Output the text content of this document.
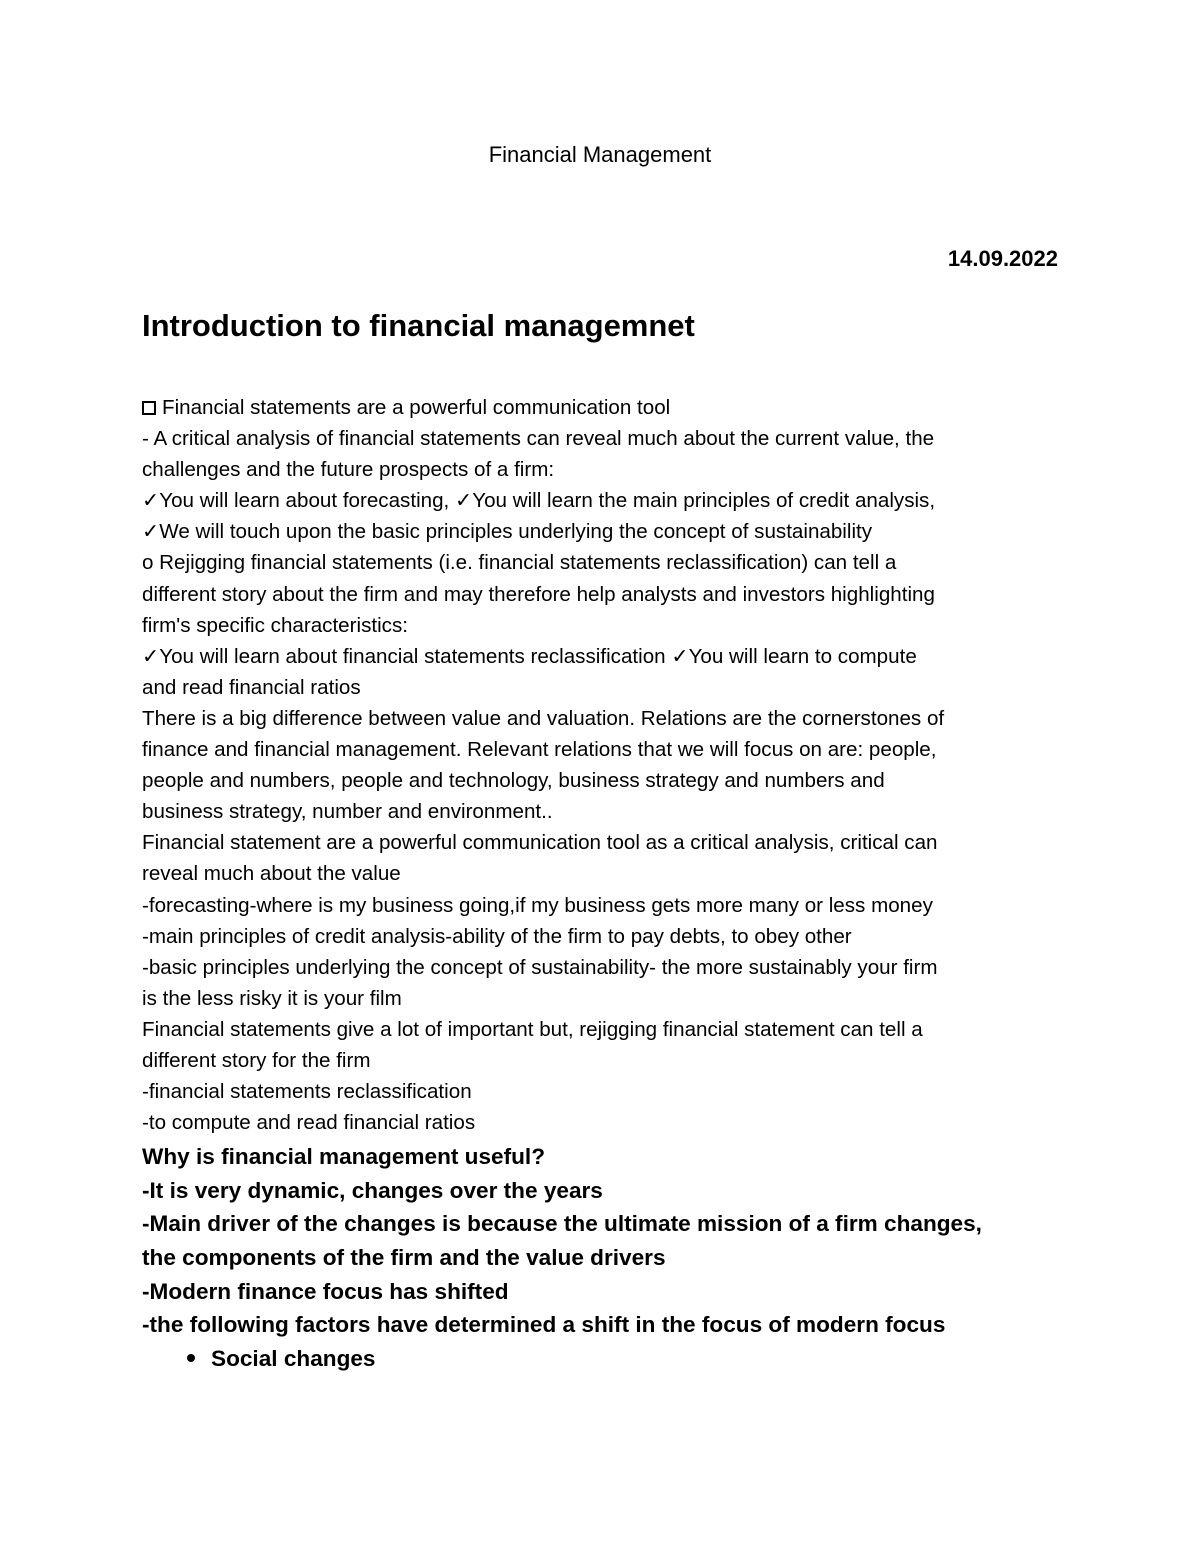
Financial Management
14.09.2022
Introduction to financial managemnet

Financial statements are a powerful communication tool

- A critical analysis of financial statements can reveal much about the current value, the

challenges and the future prospects of a firm:

✓You will learn about forecasting, ✓You will learn the main principles of credit analysis,

✓We will touch upon the basic principles underlying the concept of sustainability

o Rejigging financial statements (i.e. financial statements reclassification) can tell a

different story about the firm and may therefore help analysts and investors highlighting

firm's specific characteristics:

✓You will learn about financial statements reclassification ✓You will learn to compute

and read financial ratios

There is a big difference between value and valuation. Relations are the cornerstones of

finance and financial management. Relevant relations that we will focus on are: people,

people and numbers, people and technology, business strategy and numbers and

business strategy, number and environment..

Financial statement are a powerful communication tool as a critical analysis, critical can

reveal much about the value

-forecasting-where is my business going,if my business gets more many or less money

-main principles of credit analysis-ability of the firm to pay debts, to obey other

-basic principles underlying the concept of sustainability- the more sustainably your firm

is the less risky it is your film

Financial statements give a lot of important but, rejigging financial statement can tell a

different story for the firm

-financial statements reclassification

-to compute and read financial ratios

Why is financial management useful?

-It is very dynamic, changes over the years

-Main driver of the changes is because the ultimate mission of a firm changes,

the components of the firm and the value drivers

-Modern finance focus has shifted

-the following factors have determined a shift in the focus of modern focus

Social changes
